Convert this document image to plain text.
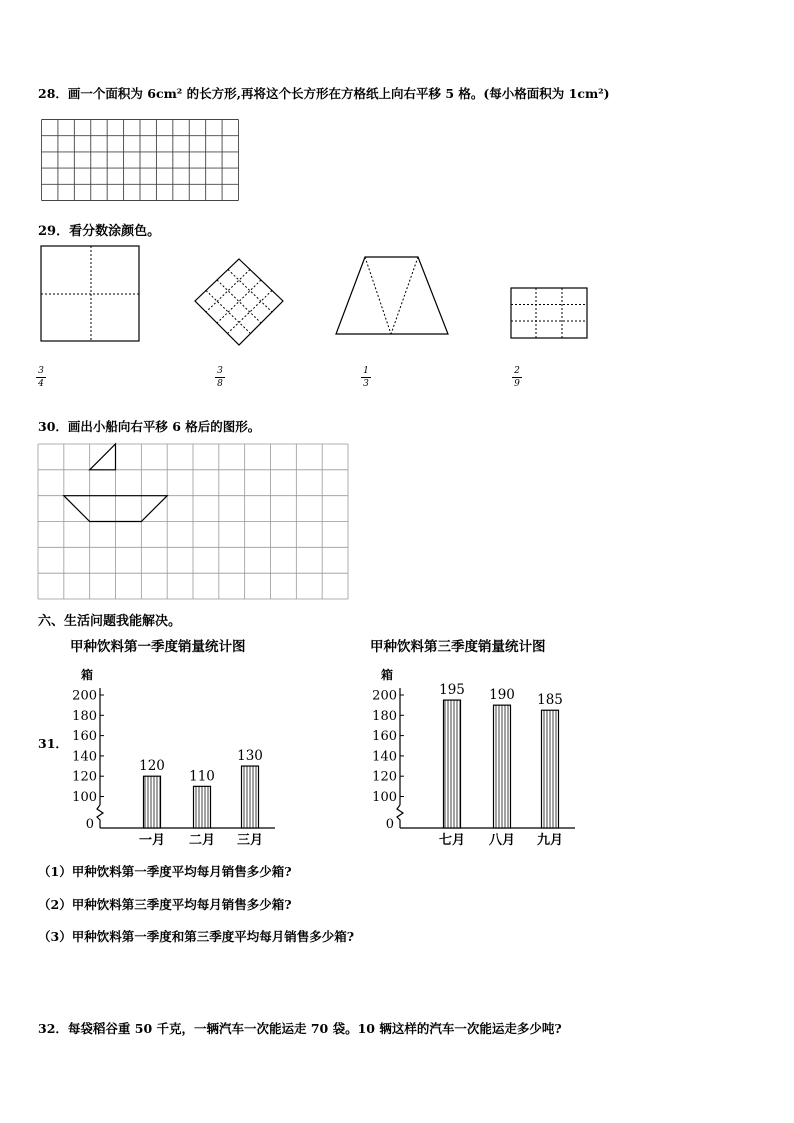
28．画一个面积为 6cm² 的长方形,再将这个长方形在方格纸上向右平移 5 格。(每小格面积为 1cm²)
29．看分数涂颜色。
3
4
3
8
1
3
2
9
30．画出小船向右平移 6 格后的图形。
六、生活问题我能解决。
31．
甲种饮料第一季度销量统计图
箱
0
100
120
140
160
180
200
120
一月
110
二月
130
三月
甲种饮料第三季度销量统计图
箱
0
100
120
140
160
180
200	195
七月
190
八月
185
九月
（1）甲种饮料第一季度平均每月销售多少箱?
（2）甲种饮料第三季度平均每月销售多少箱?
（3）甲种饮料第一季度和第三季度平均每月销售多少箱?
32．每袋稻谷重 50 千克，一辆汽车一次能运走 70 袋。10 辆这样的汽车一次能运走多少吨?
